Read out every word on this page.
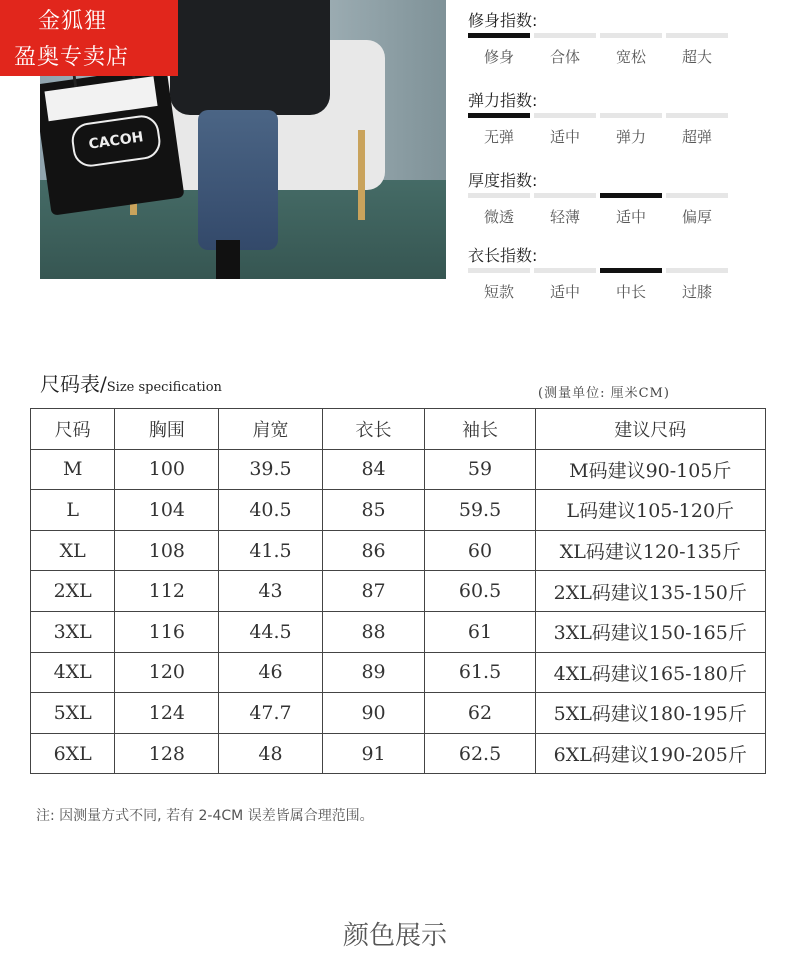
CACOH
金狐狸
盈奥专卖店
修身指数:
修身	合体	宽松	超大
弹力指数:
无弹	适中	弹力	超弹
厚度指数:
微透	轻薄	适中	偏厚
衣长指数:
短款	适中	中长	过膝
尺码表/Size specification	(测量单位: 厘米CM)
尺码	胸围	肩宽	衣长	袖长	建议尺码
M	100	39.5	84	59	M码建议90-105斤
L	104	40.5	85	59.5	L码建议105-120斤
XL	108	41.5	86	60	XL码建议120-135斤
2XL	112	43	87	60.5	2XL码建议135-150斤
3XL	116	44.5	88	61	3XL码建议150-165斤
4XL	120	46	89	61.5	4XL码建议165-180斤
5XL	124	47.7	90	62	5XL码建议180-195斤
6XL	128	48	91	62.5	6XL码建议190-205斤
注: 因测量方式不同, 若有 2-4CM 误差皆属合理范围。
颜色展示
